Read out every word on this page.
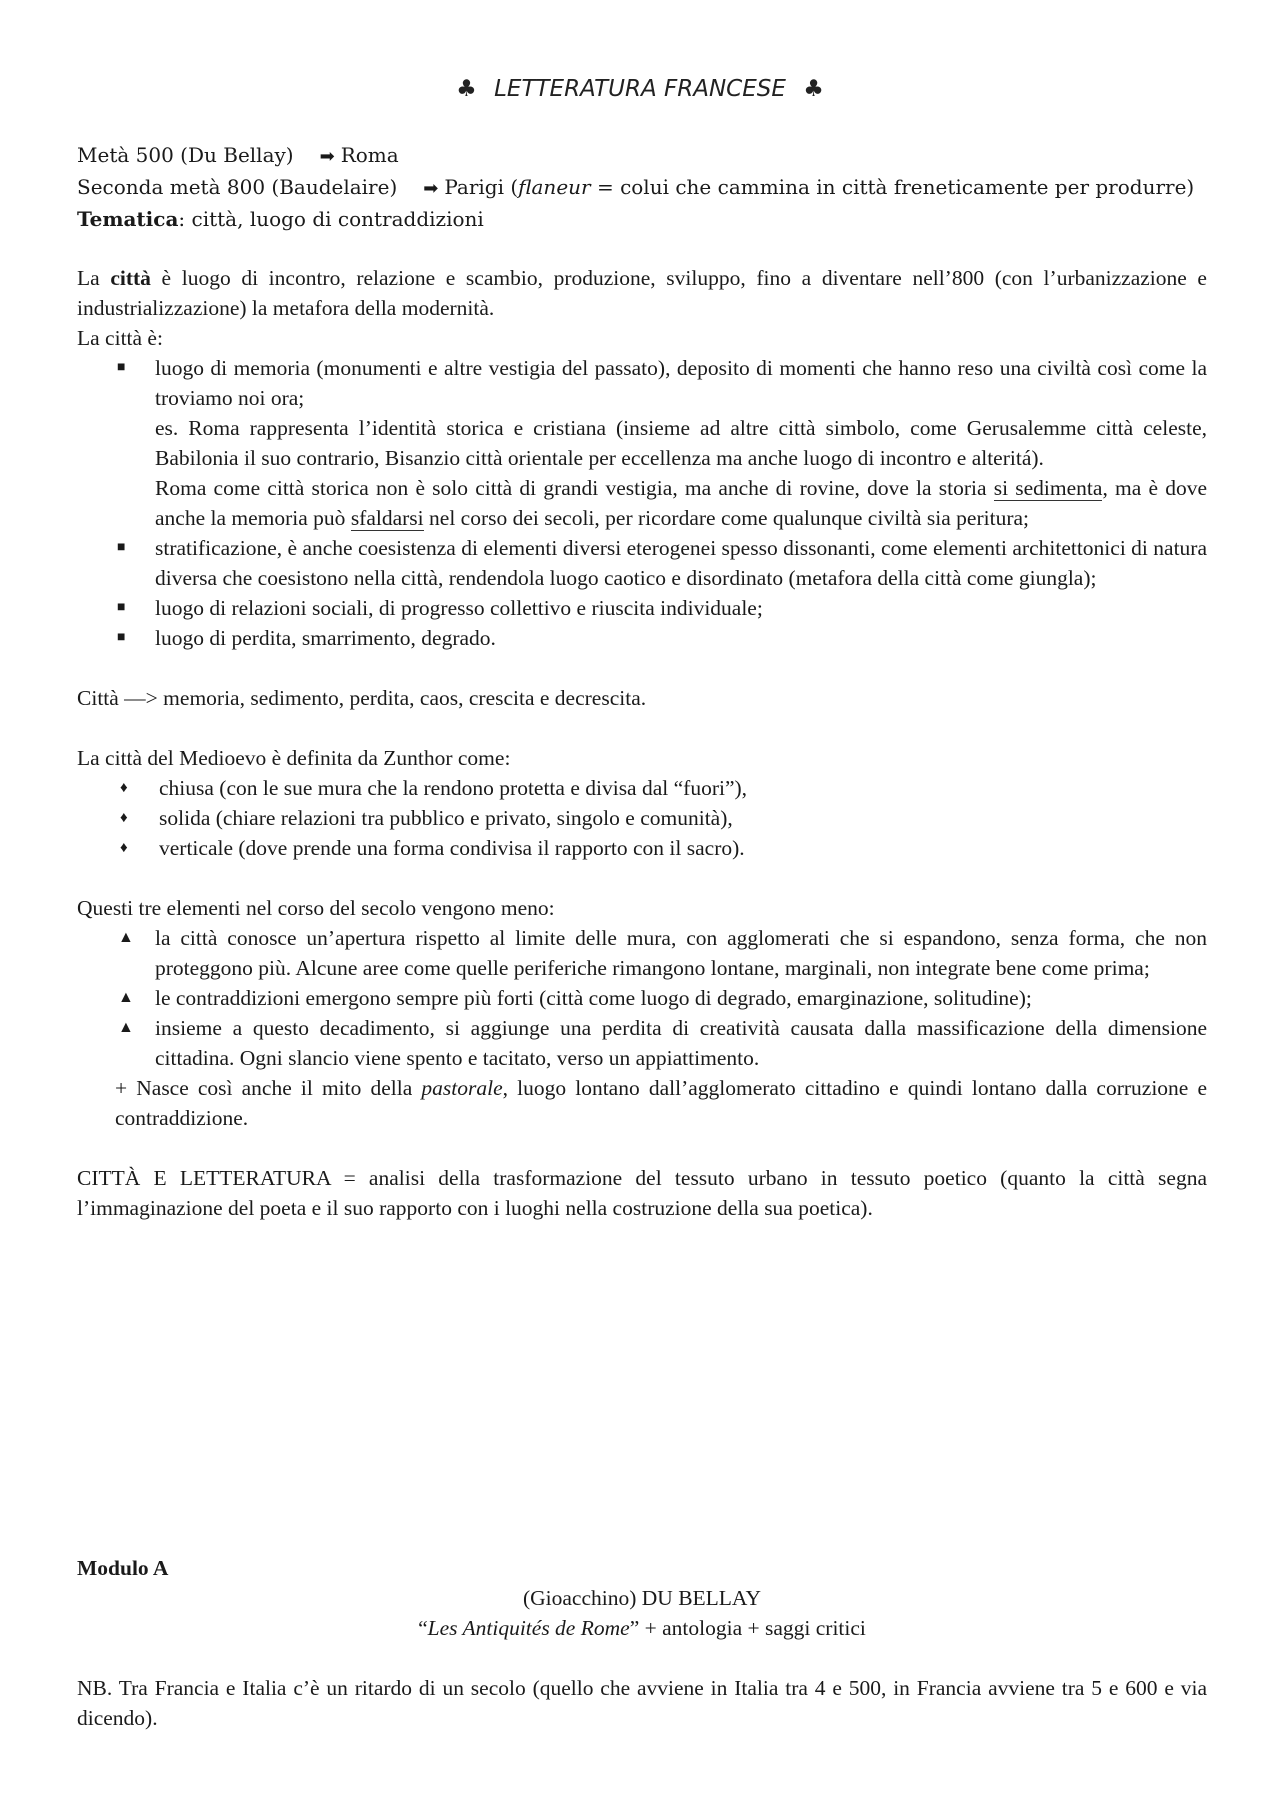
♣ LETTERATURA FRANCESE ♣
Metà 500 (Du Bellay) ➡ Roma
Seconda metà 800 (Baudelaire) ➡ Parigi (flaneur = colui che cammina in città freneticamente per produrre)
Tematica: città, luogo di contraddizioni

La città è luogo di incontro, relazione e scambio, produzione, sviluppo, fino a diventare nell’800 (con l’urbanizzazione e industrializzazione) la metafora della modernità.

La città è:
■	luogo di memoria (monumenti e altre vestigia del passato), deposito di momenti che hanno reso una civiltà così come la troviamo noi ora;
es. Roma rappresenta l’identità storica e cristiana (insieme ad altre città simbolo, come Gerusalemme città celeste, Babilonia il suo contrario, Bisanzio città orientale per eccellenza ma anche luogo di incontro e alteritá).
Roma come città storica non è solo città di grandi vestigia, ma anche di rovine, dove la storia si sedimenta, ma è dove anche la memoria può sfaldarsi nel corso dei secoli, per ricordare come qualunque civiltà sia peritura;
■	stratificazione, è anche coesistenza di elementi diversi eterogenei spesso dissonanti, come elementi architettonici di natura diversa che coesistono nella città, rendendola luogo caotico e disordinato (metafora della città come giungla);
■	luogo di relazioni sociali, di progresso collettivo e riuscita individuale;
■	luogo di perdita, smarrimento, degrado.
Città —> memoria, sedimento, perdita, caos, crescita e decrescita.
La città del Medioevo è definita da Zunthor come:
♦	chiusa (con le sue mura che la rendono protetta e divisa dal “fuori”),
♦	solida (chiare relazioni tra pubblico e privato, singolo e comunità),
♦	verticale (dove prende una forma condivisa il rapporto con il sacro).
Questi tre elementi nel corso del secolo vengono meno:
▲ la città conosce un’apertura rispetto al limite delle mura, con agglomerati che si espandono, senza forma, che non proteggono più. Alcune aree come quelle periferiche rimangono lontane, marginali, non integrate bene come prima;
▲ le contraddizioni emergono sempre più forti (città come luogo di degrado, emarginazione, solitudine);
▲ insieme a questo decadimento, si aggiunge una perdita di creatività causata dalla massificazione della dimensione cittadina. Ogni slancio viene spento e tacitato, verso un appiattimento.
+ Nasce così anche il mito della pastorale, luogo lontano dall’agglomerato cittadino e quindi lontano dalla corruzione e contraddizione.

CITTÀ E LETTERATURA = analisi della trasformazione del tessuto urbano in tessuto poetico (quanto la città segna l’immaginazione del poeta e il suo rapporto con i luoghi nella costruzione della sua poetica).

Modulo A
(Gioacchino) DU BELLAY
“Les Antiquités de Rome” + antologia + saggi critici

NB. Tra Francia e Italia c’è un ritardo di un secolo (quello che avviene in Italia tra 4 e 500, in Francia avviene tra 5 e 600 e via dicendo).
